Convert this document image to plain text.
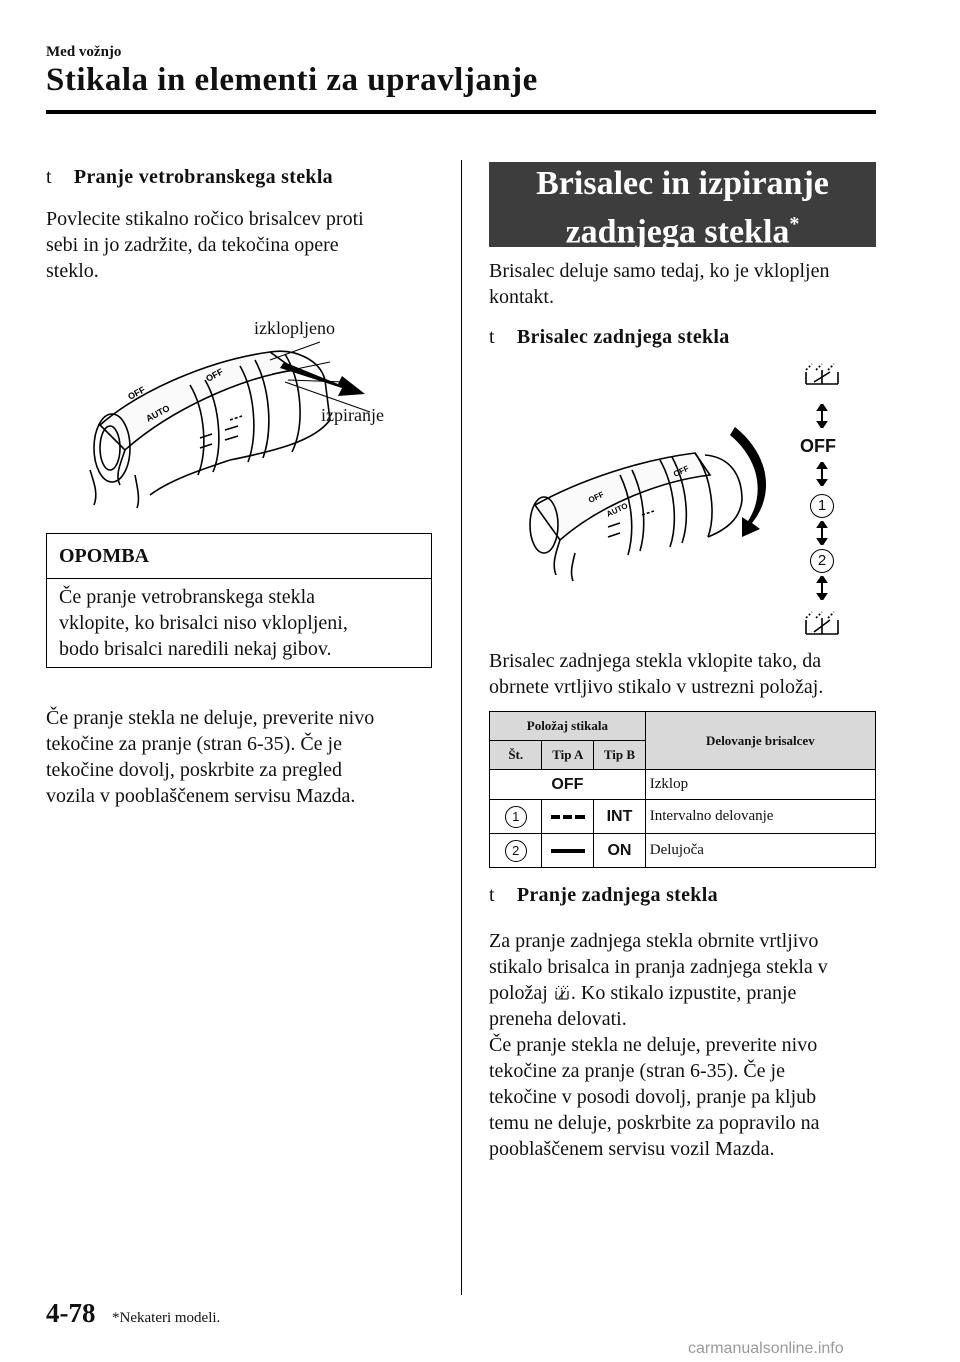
Med vožnjo
Stikala in elementi za upravljanje
t Pranje vetrobranskega stekla
Povlecite stikalno ročico brisalcev proti
sebi in jo zadržite, da tekočina opere
steklo.
AUTO
OFF
OFF
izklopljeno
izpiranje
OPOMBA
Če pranje vetrobranskega stekla
vklopite, ko brisalci niso vklopljeni,
bodo brisalci naredili nekaj gibov.
Če pranje stekla ne deluje, preverite nivo
tekočine za pranje (stran 6-35). Če je
tekočine dovolj, poskrbite za pregled
vozila v pooblaščenem servisu Mazda.
Brisalec in izpiranje
zadnjega stekla*
Brisalec deluje samo tedaj, ko je vklopljen
kontakt.
t Brisalec zadnjega stekla
OFF
AUTO
OFF
OFF
1
2
Brisalec zadnjega stekla vklopite tako, da
obrnete vrtljivo stikalo v ustrezni položaj.
Položaj stikala			Delovanje brisalcev
Št.	Tip A	Tip B	
OFF			Izklop
1		INT	Intervalno delovanje
2		ON	Delujoča
t Pranje zadnjega stekla
Za pranje zadnjega stekla obrnite vrtljivo
stikalo brisalca in pranja zadnjega stekla v
položaj . Ko stikalo izpustite, pranje
preneha delovati.
Če pranje stekla ne deluje, preverite nivo
tekočine za pranje (stran 6-35). Če je
tekočine v posodi dovolj, pranje pa kljub
temu ne deluje, poskrbite za popravilo na
pooblaščenem servisu vozil Mazda.
4-78 *Nekateri modeli.
carmanualsonline.info
